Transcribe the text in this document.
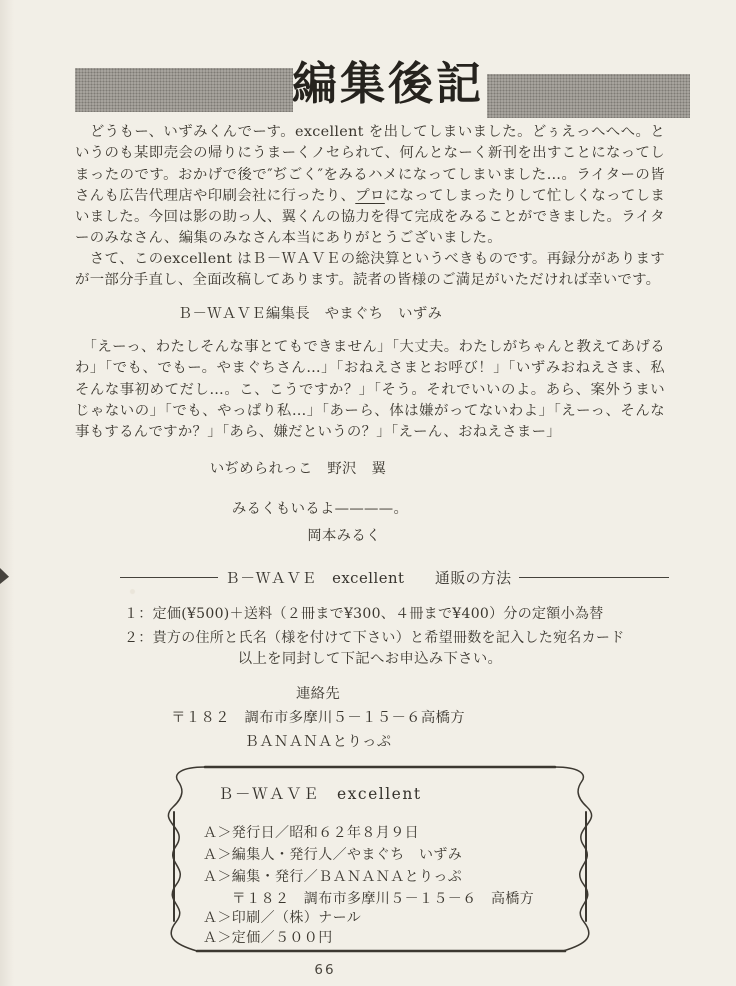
編集後記

　どうもー、いずみくんでーす。excellent を出してしまいました。どぅえっへへへ。というのも某即売会の帰りにうまーくノセられて、何んとなーく新刊を出すことになってしまったのです。おかげで後で″ぢごく″をみるハメになってしまいました…。ライターの皆さんも広告代理店や印刷会社に行ったり、プロになってしまったりして忙しくなってしまいました。今回は影の助っ人、翼くんの協力を得て完成をみることができました。ライターのみなさん、編集のみなさん本当にありがとうございました。

　さて、このexcellent はＢ－ＷＡＶＥの総決算というべきものです。再録分がありますが一部分手直し、全面改稿してあります。読者の皆様のご満足がいただければ幸いです。

Ｂ－ＷＡＶＥ編集長　やまぐち　いずみ

　「えーっ、わたしそんな事とてもできません」「大丈夫。わたしがちゃんと教えてあげるわ」「でも、でもー。やまぐちさん…」「おねえさまとお呼び！」「いずみおねえさま、私そんな事初めてだし…。こ、こうですか？」「そう。それでいいのよ。あら、案外うまいじゃないの」「でも、やっぱり私…」「あーら、体は嫌がってないわよ」「えーっ、そんな事もするんですか？」「あら、嫌だというの？」「えーん、おねえさまー」

いぢめられっこ　野沢　翼

みるくもいるよ————。

岡本みるく

Ｂ－ＷＡＶＥ　excellent　　通販の方法

１：定価(¥500)＋送料（２冊まで¥300、４冊まで¥400）分の定額小為替

２：貴方の住所と氏名（様を付けて下さい）と希望冊数を記入した宛名カード

以上を同封して下記へお申込み下さい。

連絡先

〒１８２　調布市多摩川５－１５－６高橋方

ＢＡＮＡＮＡとりっぷ

Ｂ－ＷＡＶＥ　excellent
Ａ＞発行日／昭和６２年８月９日
Ａ＞編集人・発行人／やまぐち　いずみ
Ａ＞編集・発行／ＢＡＮＡＮＡとりっぷ
　　〒１８２　調布市多摩川５－１５－６　高橋方
Ａ＞印刷／（株）ナール
Ａ＞定価／５００円
66
